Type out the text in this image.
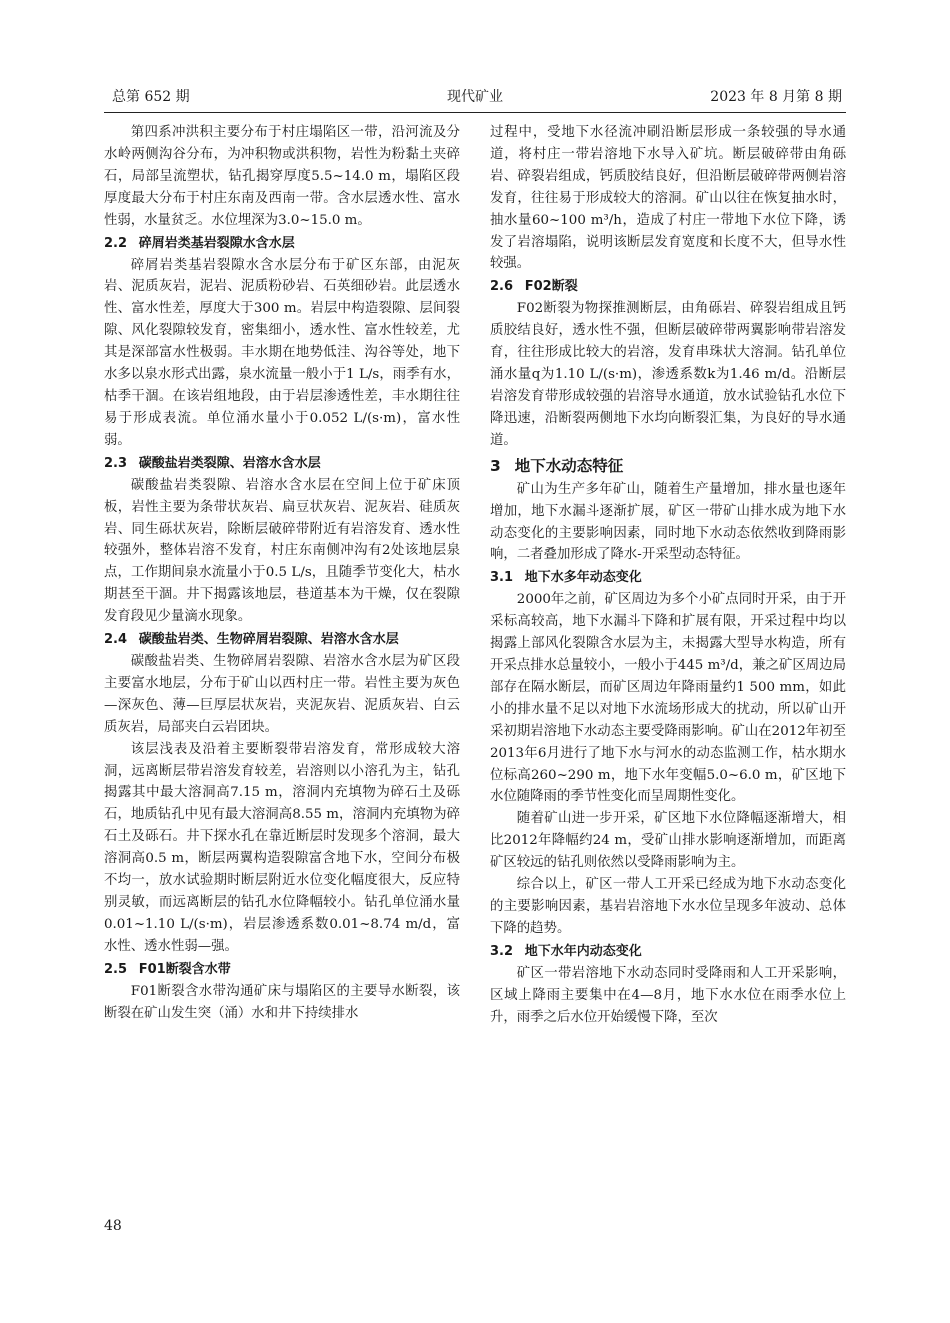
总第 652 期	现代矿业	2023 年 8 月第 8 期

第四系冲洪积主要分布于村庄塌陷区一带，沿河流及分水岭两侧沟谷分布，为冲积物或洪积物，岩性为粉黏土夹碎石，局部呈流塑状，钻孔揭穿厚度5.5~14.0 m，塌陷区段厚度最大分布于村庄东南及西南一带。含水层透水性、富水性弱，水量贫乏。水位埋深为3.0~15.0 m。

2.2 碎屑岩类基岩裂隙水含水层

碎屑岩类基岩裂隙水含水层分布于矿区东部，由泥灰岩、泥质灰岩，泥岩、泥质粉砂岩、石英细砂岩。此层透水性、富水性差，厚度大于300 m。岩层中构造裂隙、层间裂隙、风化裂隙较发育，密集细小，透水性、富水性较差，尤其是深部富水性极弱。丰水期在地势低洼、沟谷等处，地下水多以泉水形式出露，泉水流量一般小于1 L/s，雨季有水，枯季干涸。在该岩组地段，由于岩层渗透性差，丰水期往往易于形成表流。单位涌水量小于0.052 L/(s·m)，富水性弱。

2.3 碳酸盐岩类裂隙、岩溶水含水层

碳酸盐岩类裂隙、岩溶水含水层在空间上位于矿床顶板，岩性主要为条带状灰岩、扁豆状灰岩、泥灰岩、硅质灰岩、同生砾状灰岩，除断层破碎带附近有岩溶发育、透水性较强外，整体岩溶不发育，村庄东南侧冲沟有2处该地层泉点，工作期间泉水流量小于0.5 L/s，且随季节变化大，枯水期甚至干涸。井下揭露该地层，巷道基本为干燥，仅在裂隙发育段见少量滴水现象。

2.4 碳酸盐岩类、生物碎屑岩裂隙、岩溶水含水层

碳酸盐岩类、生物碎屑岩裂隙、岩溶水含水层为矿区段主要富水地层，分布于矿山以西村庄一带。岩性主要为灰色—深灰色、薄—巨厚层状灰岩，夹泥灰岩、泥质灰岩、白云质灰岩，局部夹白云岩团块。

该层浅表及沿着主要断裂带岩溶发育，常形成较大溶洞，远离断层带岩溶发育较差，岩溶则以小溶孔为主，钻孔揭露其中最大溶洞高7.15 m，溶洞内充填物为碎石土及砾石，地质钻孔中见有最大溶洞高8.55 m，溶洞内充填物为碎石土及砾石。井下探水孔在靠近断层时发现多个溶洞，最大溶洞高0.5 m，断层两翼构造裂隙富含地下水，空间分布极不均一，放水试验期时断层附近水位变化幅度很大，反应特别灵敏，而远离断层的钻孔水位降幅较小。钻孔单位涌水量0.01~1.10 L/(s·m)，岩层渗透系数0.01~8.74 m/d，富水性、透水性弱—强。

2.5 F01断裂含水带

F01断裂含水带沟通矿床与塌陷区的主要导水断裂，该断裂在矿山发生突（涌）水和井下持续排水

过程中，受地下水径流冲刷沿断层形成一条较强的导水通道，将村庄一带岩溶地下水导入矿坑。断层破碎带由角砾岩、碎裂岩组成，钙质胶结良好，但沿断层破碎带两侧岩溶发育，往往易于形成较大的溶洞。矿山以往在恢复抽水时，抽水量60~100 m³/h，造成了村庄一带地下水位下降，诱发了岩溶塌陷，说明该断层发育宽度和长度不大，但导水性较强。

2.6 F02断裂

F02断裂为物探推测断层，由角砾岩、碎裂岩组成且钙质胶结良好，透水性不强，但断层破碎带两翼影响带岩溶发育，往往形成比较大的岩溶，发育串珠状大溶洞。钻孔单位涌水量q为1.10 L/(s·m)，渗透系数k为1.46 m/d。沿断层岩溶发育带形成较强的岩溶导水通道，放水试验钻孔水位下降迅速，沿断裂两侧地下水均向断裂汇集，为良好的导水通道。

3 地下水动态特征

矿山为生产多年矿山，随着生产量增加，排水量也逐年增加，地下水漏斗逐渐扩展，矿区一带矿山排水成为地下水动态变化的主要影响因素，同时地下水动态依然收到降雨影响，二者叠加形成了降水-开采型动态特征。

3.1 地下水多年动态变化

2000年之前，矿区周边为多个小矿点同时开采，由于开采标高较高，地下水漏斗下降和扩展有限，开采过程中均以揭露上部风化裂隙含水层为主，未揭露大型导水构造，所有开采点排水总量较小，一般小于445 m³/d，兼之矿区周边局部存在隔水断层，而矿区周边年降雨量约1 500 mm，如此小的排水量不足以对地下水流场形成大的扰动，所以矿山开采初期岩溶地下水动态主要受降雨影响。矿山在2012年初至2013年6月进行了地下水与河水的动态监测工作，枯水期水位标高260~290 m，地下水年变幅5.0~6.0 m，矿区地下水位随降雨的季节性变化而呈周期性变化。

随着矿山进一步开采，矿区地下水位降幅逐渐增大，相比2012年降幅约24 m，受矿山排水影响逐渐增加，而距离矿区较远的钻孔则依然以受降雨影响为主。

综合以上，矿区一带人工开采已经成为地下水动态变化的主要影响因素，基岩岩溶地下水水位呈现多年波动、总体下降的趋势。

3.2 地下水年内动态变化

矿区一带岩溶地下水动态同时受降雨和人工开采影响，区域上降雨主要集中在4—8月，地下水水位在雨季水位上升，雨季之后水位开始缓慢下降，至次

48
